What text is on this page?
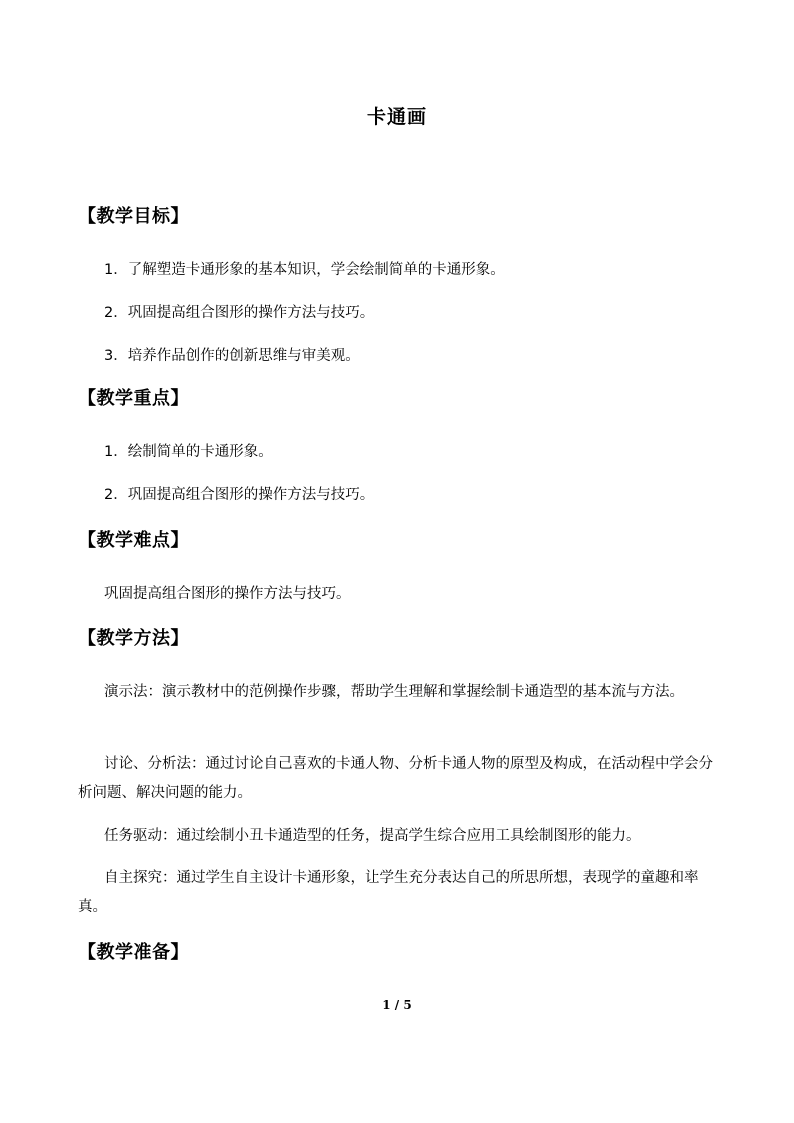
卡通画
【教学目标】
1．了解塑造卡通形象的基本知识，学会绘制简单的卡通形象。
2．巩固提高组合图形的操作方法与技巧。
3．培养作品创作的创新思维与审美观。
【教学重点】
1．绘制简单的卡通形象。
2．巩固提高组合图形的操作方法与技巧。
【教学难点】
巩固提高组合图形的操作方法与技巧。
【教学方法】
演示法：演示教材中的范例操作步骤，帮助学生理解和掌握绘制卡通造型的基本流与方法。
讨论、分析法：通过讨论自己喜欢的卡通人物、分析卡通人物的原型及构成，在活动程中学会分析问题、解决问题的能力。
任务驱动：通过绘制小丑卡通造型的任务，提高学生综合应用工具绘制图形的能力。
自主探究：通过学生自主设计卡通形象，让学生充分表达自己的所思所想，表现学的童趣和率真。
【教学准备】
1 / 5
